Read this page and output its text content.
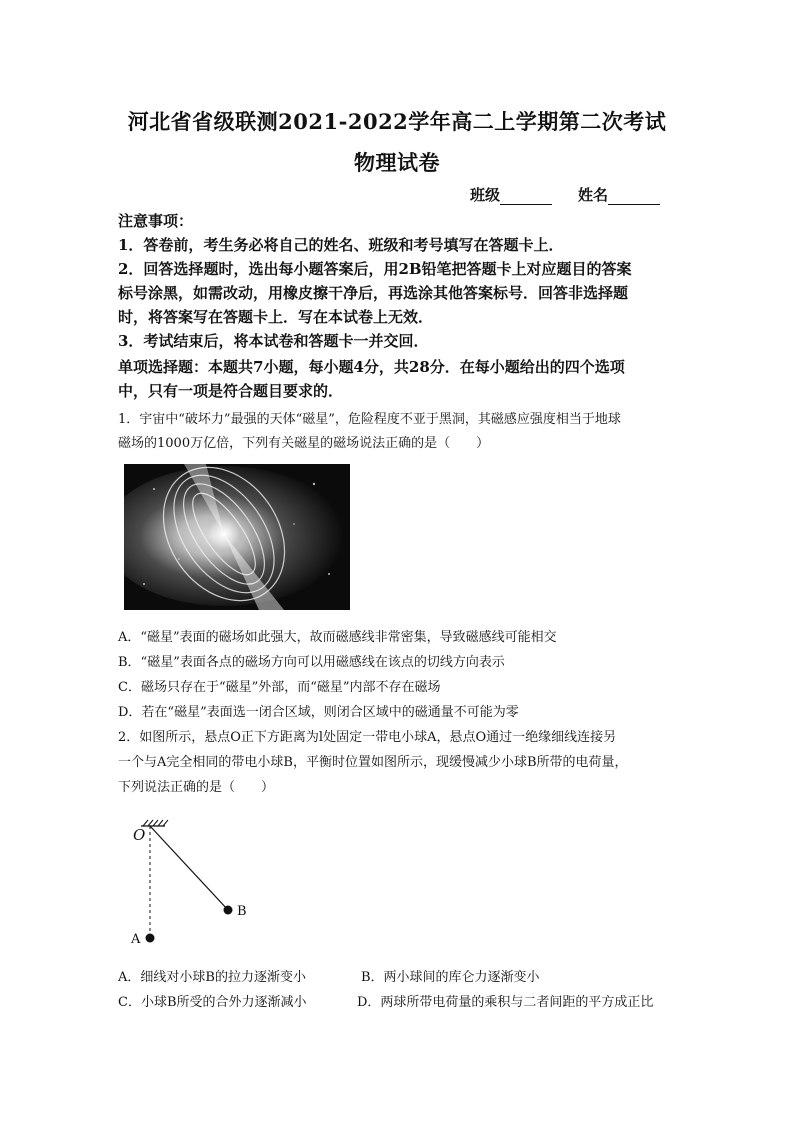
河北省省级联测2021-2022学年高二上学期第二次考试
物理试卷
班级	姓名
注意事项：
1．答卷前，考生务必将自己的姓名、班级和考号填写在答题卡上．
2．回答选择题时，选出每小题答案后，用2B铅笔把答题卡上对应题目的答案
标号涂黑，如需改动，用橡皮擦干净后，再选涂其他答案标号．回答非选择题
时，将答案写在答题卡上．写在本试卷上无效．
3．考试结束后，将本试卷和答题卡一并交回．
单项选择题：本题共7小题，每小题4分，共28分．在每小题给出的四个选项
中，只有一项是符合题目要求的．
1．宇宙中“破坏力”最强的天体“磁星”，危险程度不亚于黑洞，其磁感应强度相当于地球
磁场的1000万亿倍，下列有关磁星的磁场说法正确的是（　　）
A．“磁星”表面的磁场如此强大，故而磁感线非常密集，导致磁感线可能相交
B．“磁星”表面各点的磁场方向可以用磁感线在该点的切线方向表示
C．磁场只存在于“磁星”外部，而“磁星”内部不存在磁场
D．若在“磁星”表面选一闭合区域，则闭合区域中的磁通量不可能为零
2．如图所示，悬点O正下方距离为l处固定一带电小球A，悬点O通过一绝缘细线连接另
一个与A完全相同的带电小球B，平衡时位置如图所示，现缓慢减少小球B所带的电荷量，
下列说法正确的是（　　）
O
B
A
A．细线对小球B的拉力逐渐变小	B．两小球间的库仑力逐渐变小
C．小球B所受的合外力逐渐减小	D．两球所带电荷量的乘积与二者间距的平方成正比
